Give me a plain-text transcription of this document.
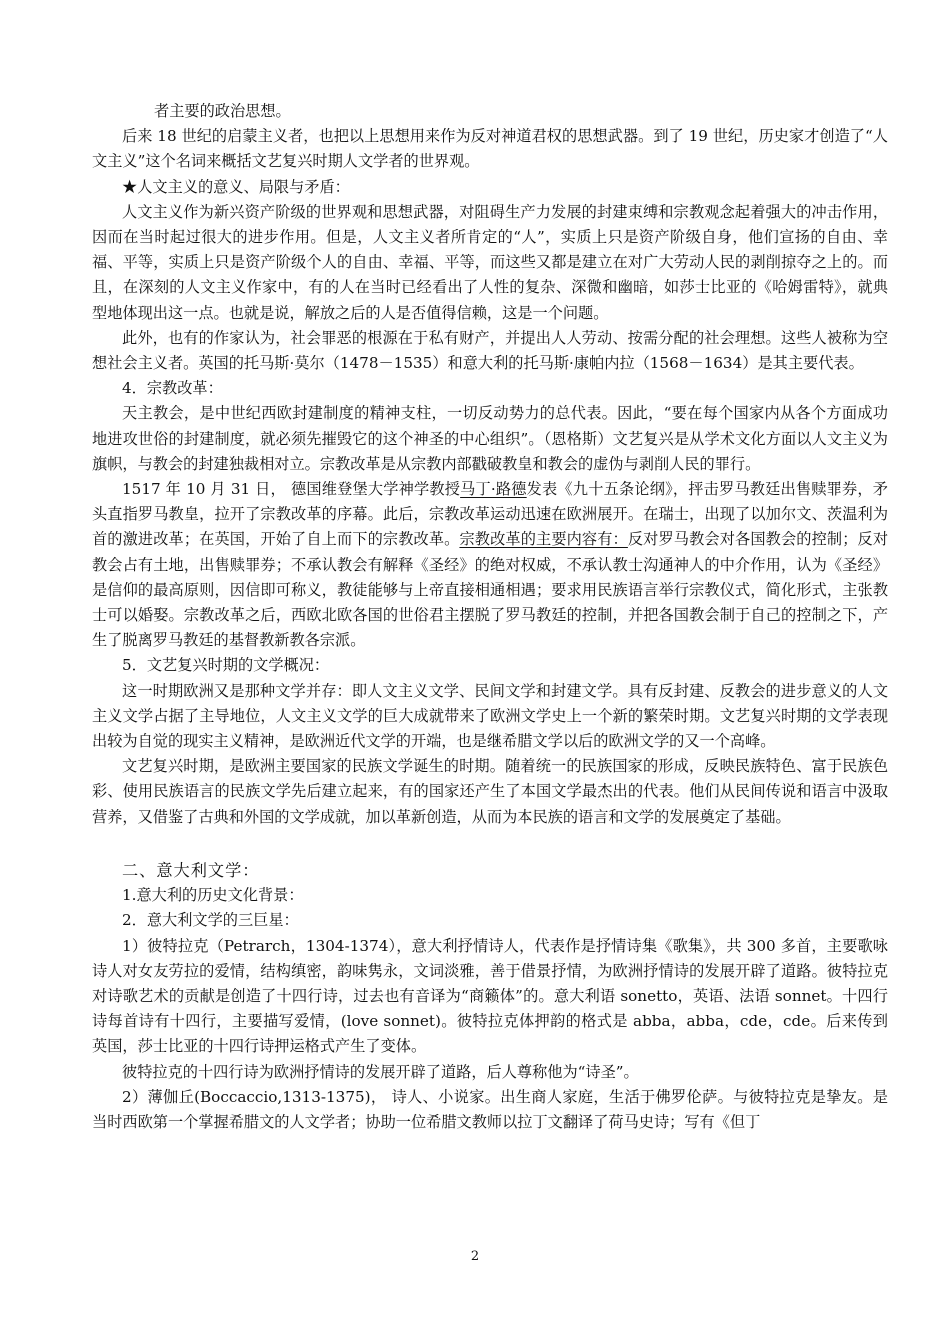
者主要的政治思想。

后来 18 世纪的启蒙主义者，也把以上思想用来作为反对神道君权的思想武器。到了 19 世纪，历史家才创造了“人文主义”这个名词来概括文艺复兴时期人文学者的世界观。

★人文主义的意义、局限与矛盾：

人文主义作为新兴资产阶级的世界观和思想武器，对阻碍生产力发展的封建束缚和宗教观念起着强大的冲击作用，因而在当时起过很大的进步作用。但是，人文主义者所肯定的“人”，实质上只是资产阶级自身，他们宣扬的自由、幸福、平等，实质上只是资产阶级个人的自由、幸福、平等，而这些又都是建立在对广大劳动人民的剥削掠夺之上的。而且，在深刻的人文主义作家中，有的人在当时已经看出了人性的复杂、深微和幽暗，如莎士比亚的《哈姆雷特》，就典型地体现出这一点。也就是说，解放之后的人是否值得信赖，这是一个问题。

此外，也有的作家认为，社会罪恶的根源在于私有财产，并提出人人劳动、按需分配的社会理想。这些人被称为空想社会主义者。英国的托马斯·莫尔（1478－1535）和意大利的托马斯·康帕内拉（1568－1634）是其主要代表。

4．宗教改革：

天主教会，是中世纪西欧封建制度的精神支柱，一切反动势力的总代表。因此，“要在每个国家内从各个方面成功地进攻世俗的封建制度，就必须先摧毁它的这个神圣的中心组织”。（恩格斯）文艺复兴是从学术文化方面以人文主义为旗帜，与教会的封建独裁相对立。宗教改革是从宗教内部戳破教皇和教会的虚伪与剥削人民的罪行。

1517 年 10 月 31 日， 德国维登堡大学神学教授马丁·路德发表《九十五条论纲》，抨击罗马教廷出售赎罪券，矛头直指罗马教皇，拉开了宗教改革的序幕。此后，宗教改革运动迅速在欧洲展开。在瑞士，出现了以加尔文、茨温利为首的激进改革；在英国，开始了自上而下的宗教改革。宗教改革的主要内容有：反对罗马教会对各国教会的控制；反对教会占有土地，出售赎罪券；不承认教会有解释《圣经》的绝对权威，不承认教士沟通神人的中介作用，认为《圣经》是信仰的最高原则，因信即可称义，教徒能够与上帝直接相通相遇；要求用民族语言举行宗教仪式，简化形式，主张教士可以婚娶。宗教改革之后，西欧北欧各国的世俗君主摆脱了罗马教廷的控制，并把各国教会制于自己的控制之下，产生了脱离罗马教廷的基督教新教各宗派。

5．文艺复兴时期的文学概况：

这一时期欧洲又是那种文学并存：即人文主义文学、民间文学和封建文学。具有反封建、反教会的进步意义的人文主义文学占据了主导地位，人文主义文学的巨大成就带来了欧洲文学史上一个新的繁荣时期。文艺复兴时期的文学表现出较为自觉的现实主义精神，是欧洲近代文学的开端，也是继希腊文学以后的欧洲文学的又一个高峰。

文艺复兴时期，是欧洲主要国家的民族文学诞生的时期。随着统一的民族国家的形成，反映民族特色、富于民族色彩、使用民族语言的民族文学先后建立起来，有的国家还产生了本国文学最杰出的代表。他们从民间传说和语言中汲取营养，又借鉴了古典和外国的文学成就，加以革新创造，从而为本民族的语言和文学的发展奠定了基础。

二、意大利文学：

1.意大利的历史文化背景：

2．意大利文学的三巨星：

1）彼特拉克（Petrarch，1304-1374），意大利抒情诗人，代表作是抒情诗集《歌集》，共 300 多首，主要歌咏诗人对女友劳拉的爱情，结构缜密，韵味隽永，文词淡雅，善于借景抒情，为欧洲抒情诗的发展开辟了道路。彼特拉克对诗歌艺术的贡献是创造了十四行诗，过去也有音译为“商籁体”的。意大利语 sonetto，英语、法语 sonnet。十四行诗每首诗有十四行，主要描写爱情，(love sonnet)。彼特拉克体押韵的格式是 abba，abba，cde，cde。后来传到英国，莎士比亚的十四行诗押运格式产生了变体。

彼特拉克的十四行诗为欧洲抒情诗的发展开辟了道路，后人尊称他为“诗圣”。

2）薄伽丘(Boccaccio,1313-1375)， 诗人、小说家。出生商人家庭，生活于佛罗伦萨。与彼特拉克是挚友。是当时西欧第一个掌握希腊文的人文学者；协助一位希腊文教师以拉丁文翻译了荷马史诗；写有《但丁

2
